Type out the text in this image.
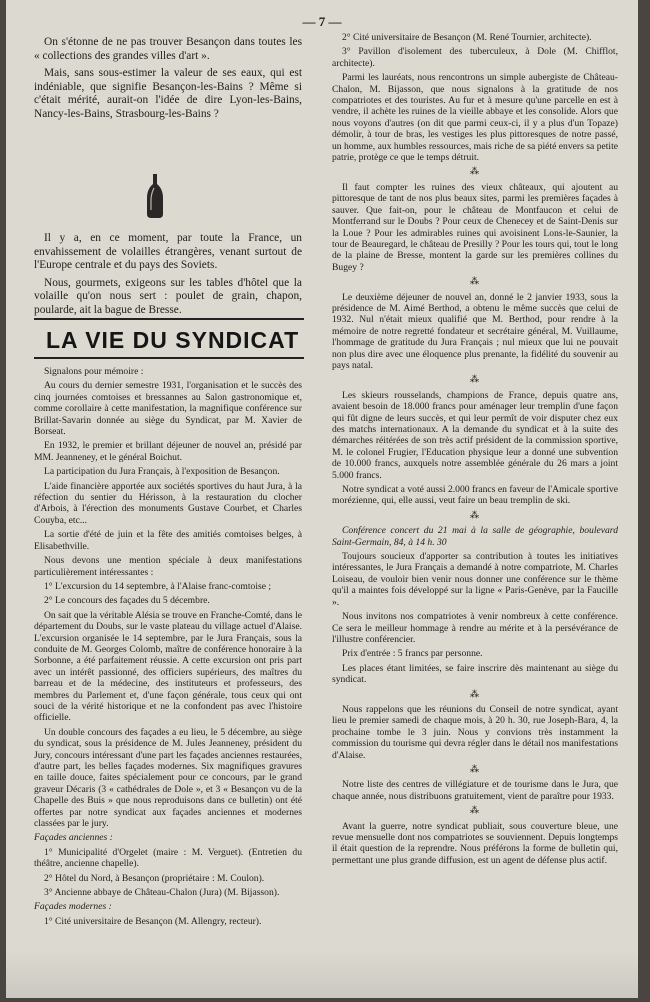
— 7 —

On s'étonne de ne pas trouver Besançon dans toutes les « collections des grandes villes d'art ».

Mais, sans sous-estimer la valeur de ses eaux, qui est indéniable, que signifie Besançon-les-Bains ? Même si c'était mérité, aurait-on l'idée de dire Lyon-les-Bains, Nancy-les-Bains, Strasbourg-les-Bains ?

Il y a, en ce moment, par toute la France, un envahissement de volailles étrangères, venant surtout de l'Europe centrale et du pays des Soviets.

Nous, gourmets, exigeons sur les tables d'hôtel que la volaille qu'on nous sert : poulet de grain, chapon, poularde, ait la bague de Bresse.

LA VIE DU SYNDICAT

Signalons pour mémoire :

Au cours du dernier semestre 1931, l'organisation et le succès des cinq journées comtoises et bressannes au Salon gastronomique et, comme corollaire à cette manifestation, la magnifique conférence sur Brillat-Savarin donnée au siège du Syndicat, par M. Xavier de Borseat.

En 1932, le premier et brillant déjeuner de nouvel an, présidé par MM. Jeanneney, et le général Boichut.

La participation du Jura Français, à l'exposition de Besançon.

L'aide financière apportée aux sociétés sportives du haut Jura, à la réfection du sentier du Hérisson, à la restauration du clocher d'Arbois, à l'érection des monuments Gustave Courbet, et Charles Couyba, etc...

La sortie d'été de juin et la fête des amitiés comtoises belges, à Elisabethville.

Nous devons une mention spéciale à deux manifestations particulièrement intéressantes :

1° L'excursion du 14 septembre, à l'Alaise franc-comtoise ;

2° Le concours des façades du 5 décembre.

On sait que la véritable Alésia se trouve en Franche-Comté, dans le département du Doubs, sur le vaste plateau du village actuel d'Alaise. L'excursion organisée le 14 septembre, par le Jura Français, sous la conduite de M. Georges Colomb, maître de conférence honoraire à la Sorbonne, a été parfaitement réussie. A cette excursion ont pris part avec un intérêt passionné, des officiers supérieurs, des maîtres du barreau et de la médecine, des instituteurs et professeurs, des membres du Parlement et, d'une façon générale, tous ceux qui ont souci de la vérité historique et ne la confondent pas avec l'histoire officielle.

Un double concours des façades a eu lieu, le 5 décembre, au siège du syndicat, sous la présidence de M. Jules Jeanneney, président du Jury, concours intéressant d'une part les façades anciennes restaurées, d'autre part, les belles façades modernes. Six magnifiques gravures en taille douce, faites spécialement pour ce concours, par le grand graveur Décaris (3 « cathédrales de Dole », et 3 « Besançon vu de la Chapelle des Buis » que nous reproduisons dans ce bulletin) ont été offertes par notre syndicat aux façades anciennes et modernes classées par le jury.

Façades anciennes :

1° Municipalité d'Orgelet (maire : M. Verguet). (Entretien du théâtre, ancienne chapelle).

2° Hôtel du Nord, à Besançon (propriétaire : M. Coulon).

3° Ancienne abbaye de Château-Chalon (Jura) (M. Bijasson).

Façades modernes :

1° Cité universitaire de Besançon (M. Allengry, recteur).

2° Cité universitaire de Besançon (M. René Tournier, architecte).

3° Pavillon d'isolement des tuberculeux, à Dole (M. Chifflot, architecte).

Parmi les lauréats, nous rencontrons un simple aubergiste de Château-Chalon, M. Bijasson, que nous signalons à la gratitude de nos compatriotes et des touristes. Au fur et à mesure qu'une parcelle en est à vendre, il achète les ruines de la vieille abbaye et les consolide. Alors que nous voyons d'autres (on dit que parmi ceux-ci, il y a plus d'un Topaze) démolir, à tour de bras, les vestiges les plus pittoresques de notre passé, un homme, aux humbles ressources, mais riche de sa piété envers sa petite patrie, protège ce que le temps détruit.

⁂

Il faut compter les ruines des vieux châteaux, qui ajoutent au pittoresque de tant de nos plus beaux sites, parmi les premières façades à sauver. Que fait-on, pour le château de Montfaucon et celui de Montferrand sur le Doubs ? Pour ceux de Chenecey et de Saint-Denis sur la Loue ? Pour les admirables ruines qui avoisinent Lons-le-Saunier, la tour de Beauregard, le château de Presilly ? Pour les tours qui, tout le long de la plaine de Bresse, montent la garde sur les premières collines du Bugey ?

⁂

Le deuxième déjeuner de nouvel an, donné le 2 janvier 1933, sous la présidence de M. Aimé Berthod, a obtenu le même succès que celui de 1932. Nul n'était mieux qualifié que M. Berthod, pour rendre à la mémoire de notre regretté fondateur et secrétaire général, M. Vuillaume, l'hommage de gratitude du Jura Français ; nul mieux que lui ne pouvait non plus dire avec une éloquence plus prenante, la fidélité du souvenir au pays natal.

⁂

Les skieurs rousselands, champions de France, depuis quatre ans, avaient besoin de 18.000 francs pour aménager leur tremplin d'une façon qui fût digne de leurs succès, et qui leur permît de voir disputer chez eux des matchs internationaux. A la demande du syndicat et à la suite des démarches réitérées de son très actif président de la commission sportive, M. le colonel Frugier, l'Education physique leur a donné une subvention de 10.000 francs, auxquels notre assemblée générale du 26 mars a joint 5.000 francs.

Notre syndicat a voté aussi 2.000 francs en faveur de l'Amicale sportive morézienne, qui, elle aussi, veut faire un beau tremplin de ski.

⁂

Conférence concert du 21 mai à la salle de géographie, boulevard Saint-Germain, 84, à 14 h. 30

Toujours soucieux d'apporter sa contribution à toutes les initiatives intéressantes, le Jura Français a demandé à notre compatriote, M. Charles Loiseau, de vouloir bien venir nous donner une conférence sur le thème qu'il a maintes fois développé sur la ligne « Paris-Genève, par la Faucille ».

Nous invitons nos compatriotes à venir nombreux à cette conférence. Ce sera le meilleur hommage à rendre au mérite et à la persévérance de l'illustre conférencier.

Prix d'entrée : 5 francs par personne.

Les places étant limitées, se faire inscrire dès maintenant au siège du syndicat.

⁂

Nous rappelons que les réunions du Conseil de notre syndicat, ayant lieu le premier samedi de chaque mois, à 20 h. 30, rue Joseph-Bara, 4, la prochaine tombe le 3 juin. Nous y convions très instamment la commission du tourisme qui devra régler dans le détail nos manifestations d'Alaise.

⁂

Notre liste des centres de villégiature et de tourisme dans le Jura, que chaque année, nous distribuons gratuitement, vient de paraître pour 1933.

⁂

Avant la guerre, notre syndicat publiait, sous couverture bleue, une revue mensuelle dont nos compatriotes se souviennent. Depuis longtemps il était question de la reprendre. Nous préférons la forme de bulletin qui, permettant une plus grande diffusion, est un agent de défense plus actif.
